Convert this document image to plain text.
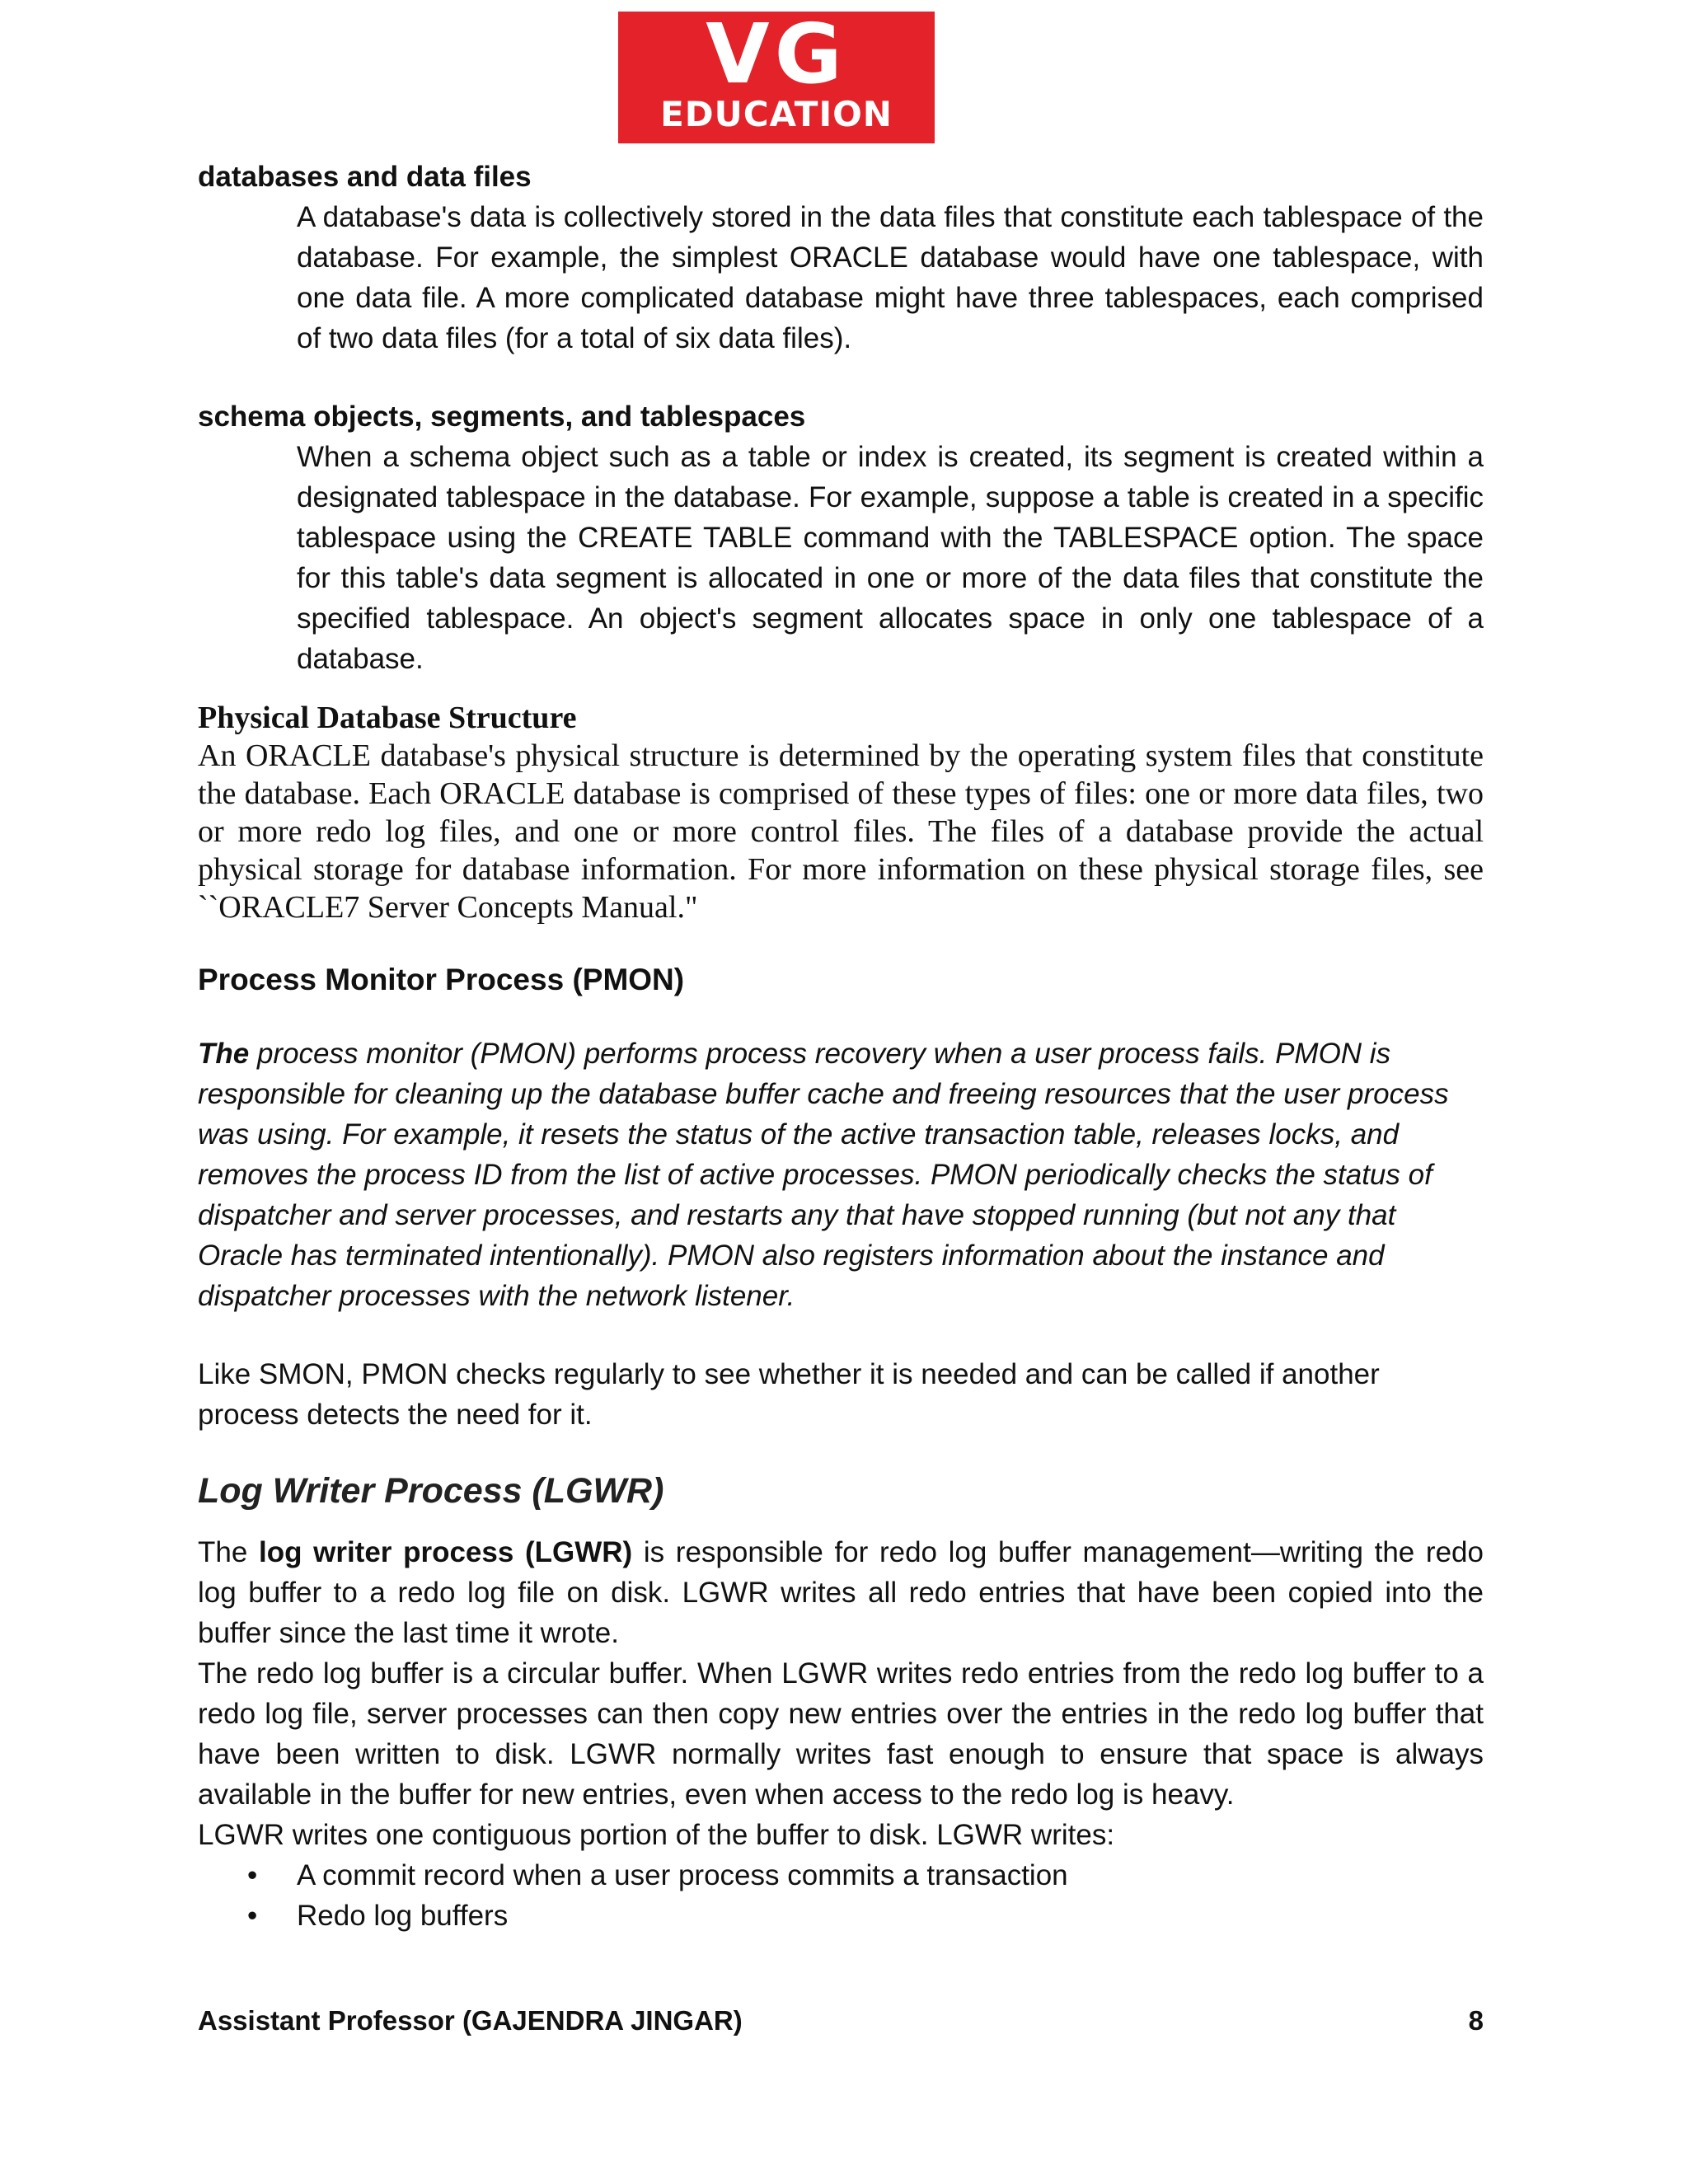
VG
EDUCATION

databases and data files

A database's data is collectively stored in the data files that constitute each tablespace of the database. For example, the simplest ORACLE database would have one tablespace, with one data file. A more complicated database might have three tablespaces, each comprised of two data files (for a total of six data files).

schema objects, segments, and tablespaces

When a schema object such as a table or index is created, its segment is created within a designated tablespace in the database. For example, suppose a table is created in a specific tablespace using the CREATE TABLE command with the TABLESPACE option. The space for this table's data segment is allocated in one or more of the data files that constitute the specified tablespace. An object's segment allocates space in only one tablespace of a database.

Physical Database Structure

An ORACLE database's physical structure is determined by the operating system files that constitute the database. Each ORACLE database is comprised of these types of files: one or more data files, two or more redo log files, and one or more control files. The files of a database provide the actual physical storage for database information. For more information on these physical storage files, see ``ORACLE7 Server Concepts Manual."

Process Monitor Process (PMON)

The process monitor (PMON) performs process recovery when a user process fails. PMON is responsible for cleaning up the database buffer cache and freeing resources that the user process was using. For example, it resets the status of the active transaction table, releases locks, and removes the process ID from the list of active processes. PMON periodically checks the status of dispatcher and server processes, and restarts any that have stopped running (but not any that Oracle has terminated intentionally). PMON also registers information about the instance and dispatcher processes with the network listener.

Like SMON, PMON checks regularly to see whether it is needed and can be called if another process detects the need for it.

Log Writer Process (LGWR)

The log writer process (LGWR) is responsible for redo log buffer management—writing the redo log buffer to a redo log file on disk. LGWR writes all redo entries that have been copied into the buffer since the last time it wrote.

The redo log buffer is a circular buffer. When LGWR writes redo entries from the redo log buffer to a redo log file, server processes can then copy new entries over the entries in the redo log buffer that have been written to disk. LGWR normally writes fast enough to ensure that space is always available in the buffer for new entries, even when access to the redo log is heavy.

LGWR writes one contiguous portion of the buffer to disk. LGWR writes:

• A commit record when a user process commits a transaction
• Redo log buffers
Assistant Professor (GAJENDRA JINGAR)	8
